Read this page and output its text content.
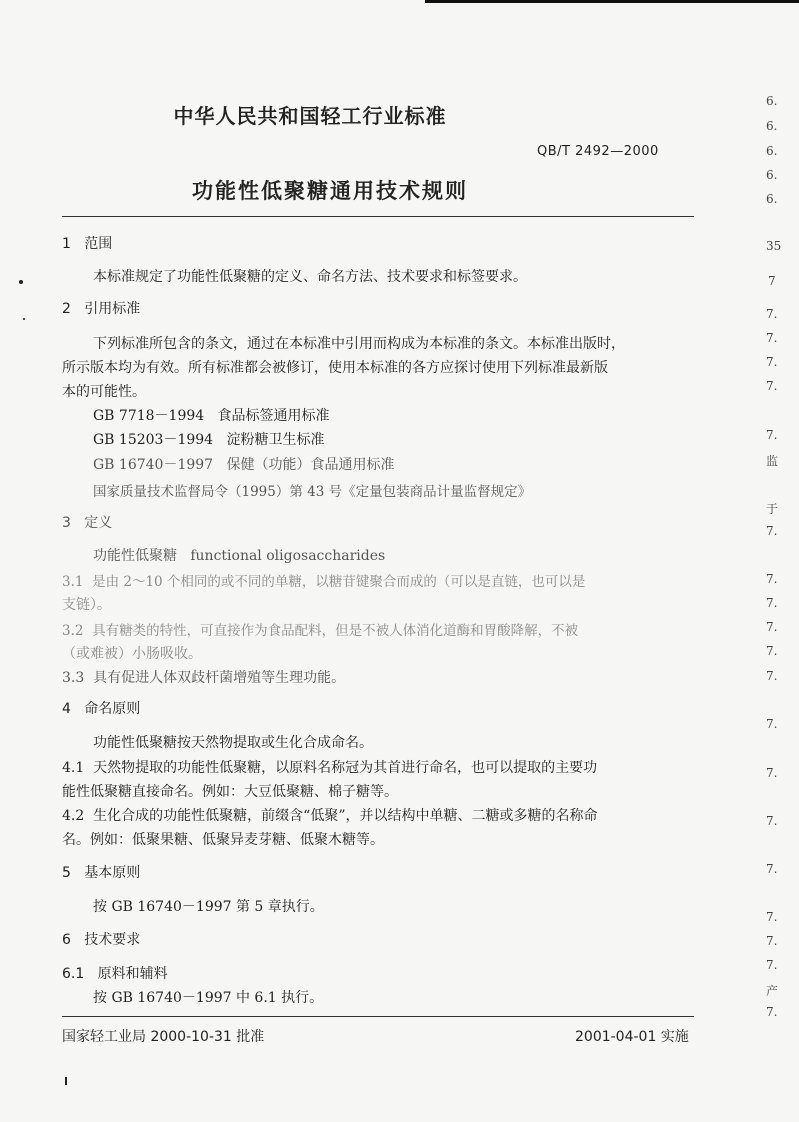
中华人民共和国轻工行业标准
QB/T 2492—2000
功能性低聚糖通用技术规则
1 范围
本标准规定了功能性低聚糖的定义、命名方法、技术要求和标签要求。
2 引用标准
下列标准所包含的条文，通过在本标准中引用而构成为本标准的条文。本标准出版时，
所示版本均为有效。所有标准都会被修订，使用本标准的各方应探讨使用下列标准最新版
本的可能性。
GB 7718－1994 食品标签通用标准
GB 15203－1994 淀粉糖卫生标准
GB 16740－1997 保健（功能）食品通用标准
国家质量技术监督局令（1995）第 43 号《定量包装商品计量监督规定》
3 定义
功能性低聚糖 functional oligosaccharides
3.1 是由 2～10 个相同的或不同的单糖，以糖苷键聚合而成的（可以是直链，也可以是
支链）。
3.2 具有糖类的特性，可直接作为食品配料，但是不被人体消化道酶和胃酸降解，不被
（或难被）小肠吸收。
3.3 具有促进人体双歧杆菌增殖等生理功能。
4 命名原则
功能性低聚糖按天然物提取或生化合成命名。
4.1 天然物提取的功能性低聚糖，以原料名称冠为其首进行命名，也可以提取的主要功
能性低聚糖直接命名。例如：大豆低聚糖、棉子糖等。
4.2 生化合成的功能性低聚糖，前缀含“低聚”，并以结构中单糖、二糖或多糖的名称命
名。例如：低聚果糖、低聚异麦芽糖、低聚木糖等。
5 基本原则
按 GB 16740－1997 第 5 章执行。
6 技术要求
6.1 原料和辅料
按 GB 16740－1997 中 6.1 执行。
国家轻工业局 2000-10-31 批准	2001-04-01 实施
6.
6.
6.
6.
6.
35
7
7.
7.
7.
7.
7.
监
于
7.
7.
7.
7.
7.
7.
7.
7.
7.
7.
7.
7.
7.
产
7.
